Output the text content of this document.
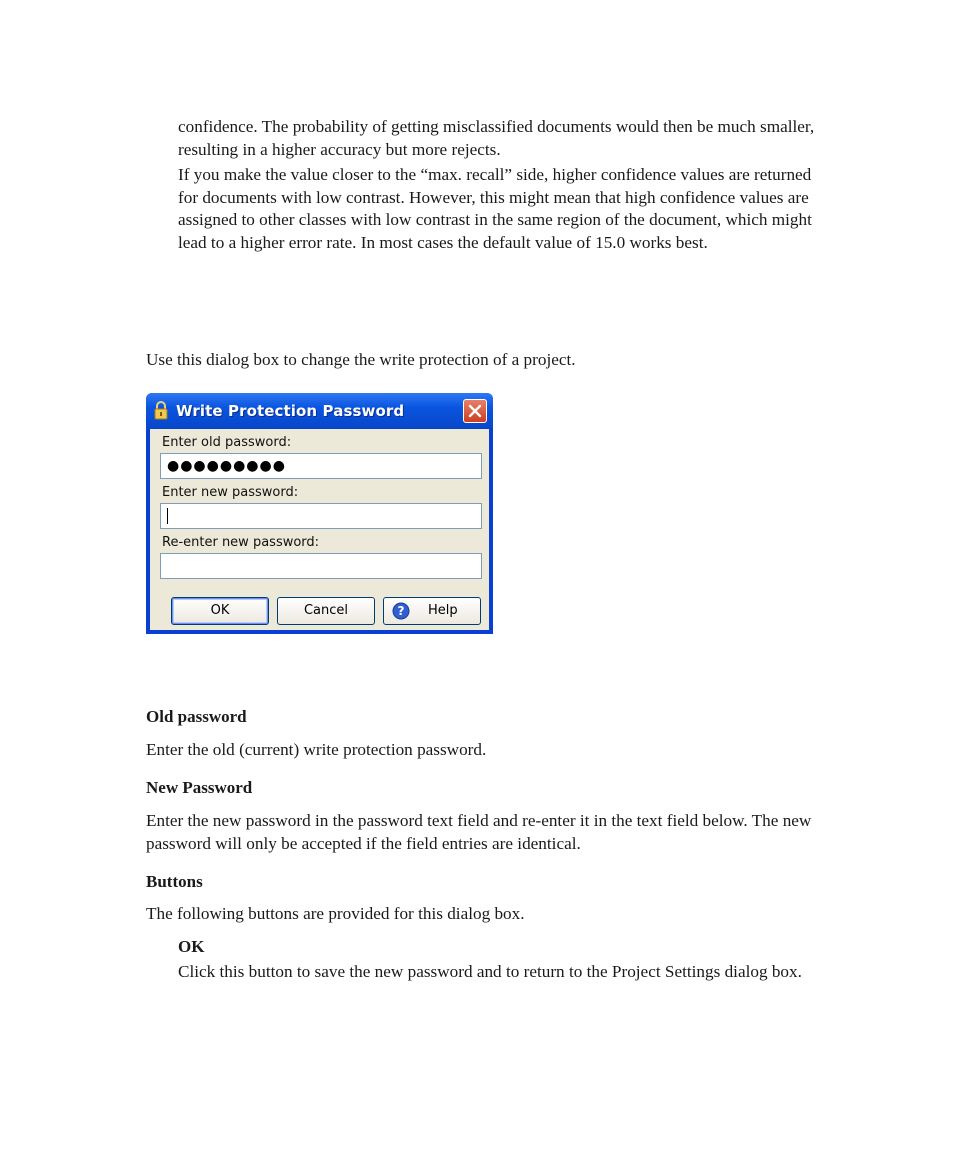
confidence. The probability of getting misclassified documents would then be much smaller, resulting in a higher accuracy but more rejects.

If you make the value closer to the “max. recall” side, higher confidence values are returned for documents with low contrast. However, this might mean that high confidence values are assigned to other classes with low contrast in the same region of the document, which might lead to a higher error rate. In most cases the default value of 15.0 works best.

Use this dialog box to change the write protection of a project.

Write Protection Password
Enter old password:
●●●●●●●●●
Enter new password:
Re-enter new password:
OK	Cancel	? Help

Old password

Enter the old (current) write protection password.

New Password

Enter the new password in the password text field and re-enter it in the text field below. The new password will only be accepted if the field entries are identical.

Buttons

The following buttons are provided for this dialog box.

OK

Click this button to save the new password and to return to the Project Settings dialog box.
